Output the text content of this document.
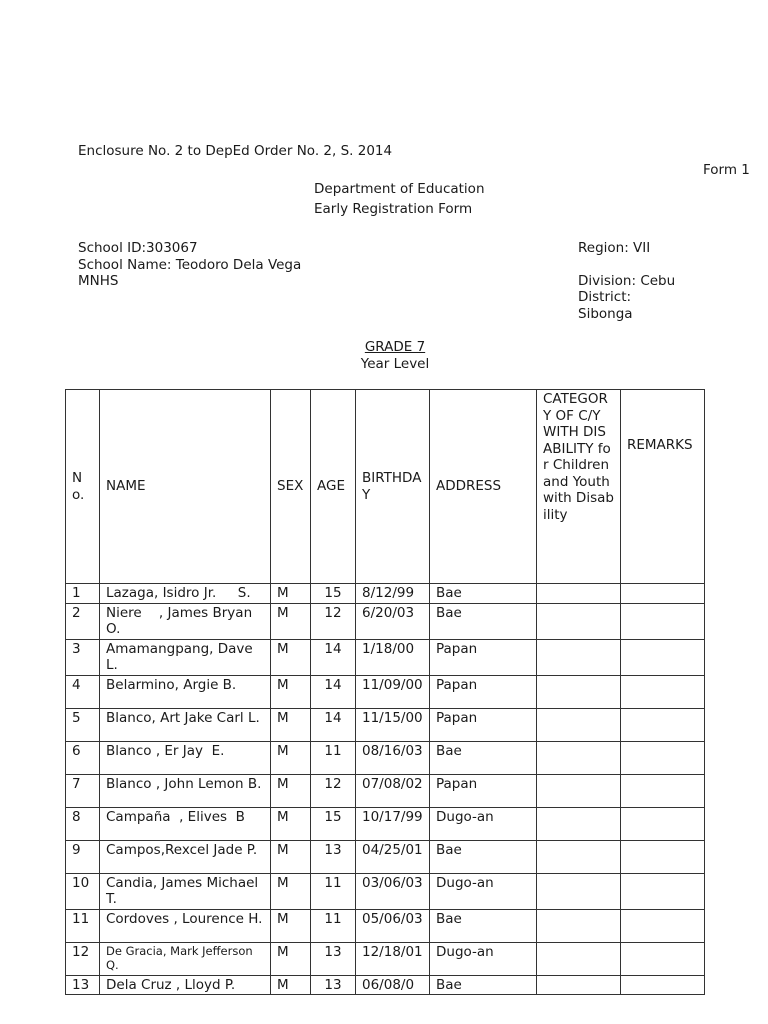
Enclosure No. 2 to DepEd Order No. 2, S. 2014
Form 1
Department of Education
Early Registration Form
School ID:303067
School Name: Teodoro Dela Vega
MNHS
Region: VII
Division: Cebu
District:
Sibonga
GRADE 7
Year Level
No.	NAME	SEX	AGE	BIRTHDAY	ADDRESS	CATEGORY OF C/Y WITH DISABILITY for Children and Youth with Disability	REMARKS
1	Lazaga, Isidro Jr.     S.	M	15	8/12/99	Bae		
2	Niere    , James Bryan O.	M	12	6/20/03	Bae		
3	Amamangpang, Dave L.	M	14	1/18/00	Papan		
4	Belarmino, Argie B.	M	14	11/09/00	Papan		
5	Blanco, Art Jake Carl L.	M	14	11/15/00	Papan		
6	Blanco , Er Jay  E.	M	11	08/16/03	Bae		
7	Blanco , John Lemon B.	M	12	07/08/02	Papan		
8	Campaña  , Elives  B	M	15	10/17/99	Dugo-an		
9	Campos,Rexcel Jade P.	M	13	04/25/01	Bae		
10	Candia, James Michael T.	M	11	03/06/03	Dugo-an		
11	Cordoves , Lourence H.	M	11	05/06/03	Bae		
12	De Gracia, Mark Jefferson Q.	M	13	12/18/01	Dugo-an		
13	Dela Cruz , Lloyd P.	M	13	06/08/0	Bae		
